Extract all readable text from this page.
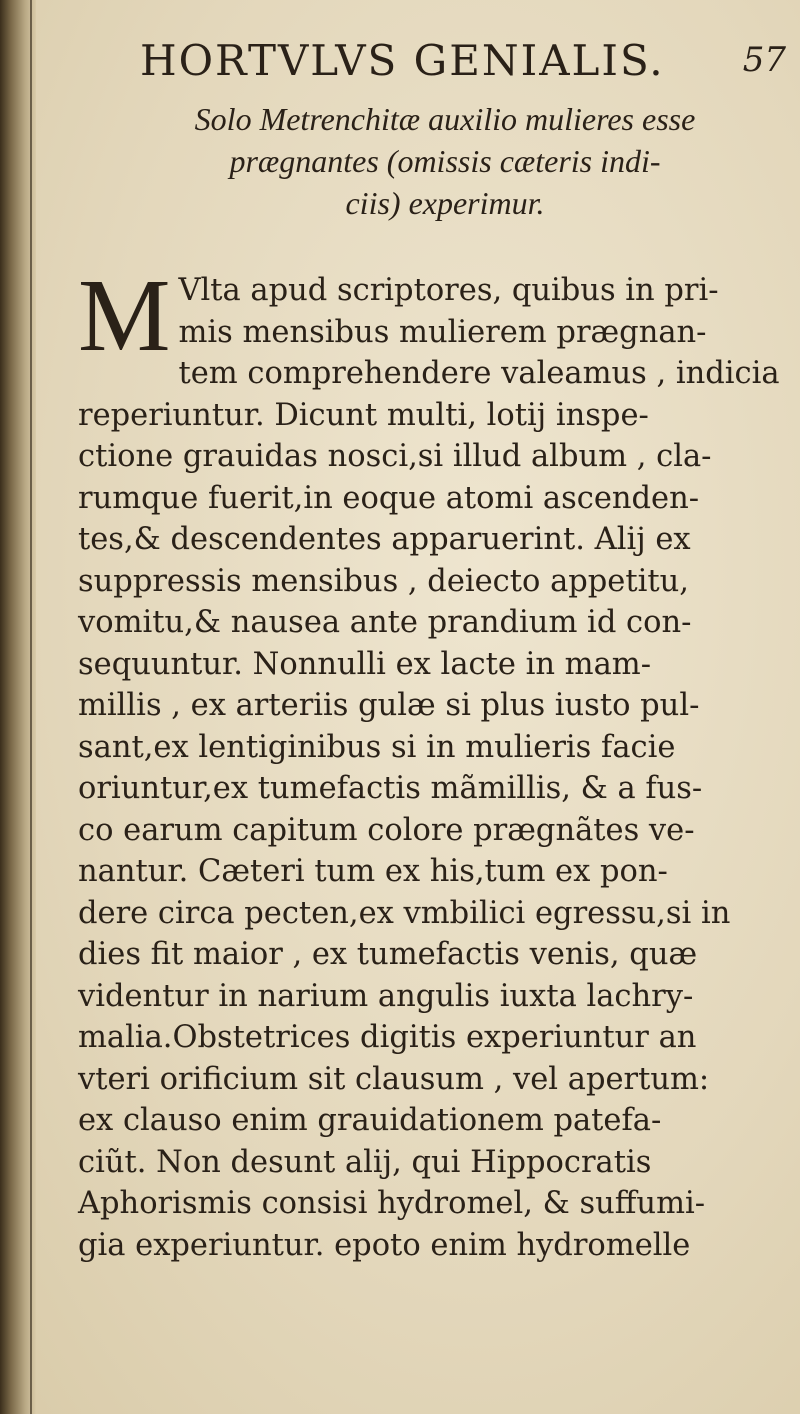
HORTVLVS GENIALIS. 57
Solo Metrenchitæ auxilio mulieres esse
prægnantes (omissis cæteris indi-
ciis) experimur.
M Vlta apud scriptores, quibus in pri-
mis mensibus mulierem prægnan-
tem comprehendere valeamus , indicia
reperiuntur. Dicunt multi, lotij inspe-
ctione grauidas nosci,si illud album , cla-
rumque fuerit,in eoque atomi ascenden-
tes,& descendentes apparuerint. Alij ex
suppressis mensibus , deiecto appetitu,
vomitu,& nausea ante prandium id con-
sequuntur. Nonnulli ex lacte in mam-
millis , ex arteriis gulæ si plus iusto pul-
sant,ex lentiginibus si in mulieris facie
oriuntur,ex tumefactis mãmillis, & a fus-
co earum capitum colore prægnãtes ve-
nantur. Cæteri tum ex his,tum ex pon-
dere circa pecten,ex vmbilici egressu,si in
dies fit maior , ex tumefactis venis, quæ
videntur in narium angulis iuxta lachry-
malia.Obstetrices digitis experiuntur an
vteri orificium sit clausum , vel apertum:
ex clauso enim grauidationem patefa-
ciũt. Non desunt alij, qui Hippocratis
Aphorismis consisi hydromel, & suffumi-
gia experiuntur. epoto enim hydromelle
